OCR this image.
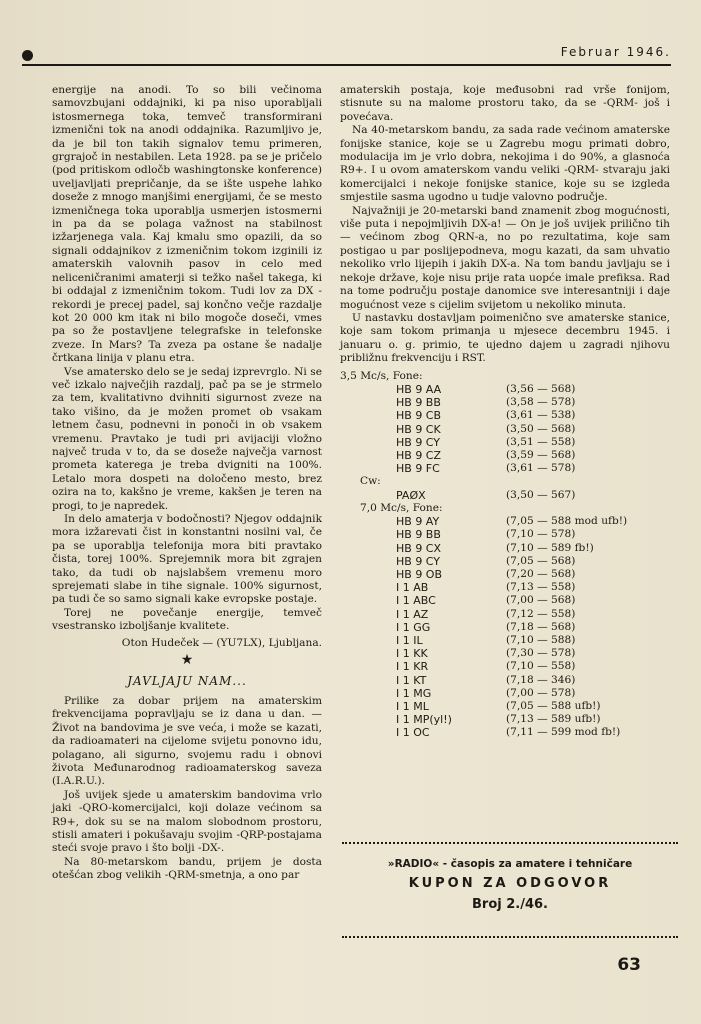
Februar 1946.

energije na anodi. To so bili večinoma samovzbujani oddajniki, ki pa niso uporabljali istosmernega toka, temveč transformirani izmenični tok na anodi oddajnika. Razumljivo je, da je bil ton takih signalov temu primeren, grgrajoč in nestabilen. Leta 1928. pa se je pričelo (pod pritiskom odločb washingtonske konference) uveljavljati prepričanje, da se ište uspehe lahko doseže z mnogo manjšimi energijami, če se mesto izmeničnega toka uporablja usmerjen istosmerni in pa da se polaga važnost na stabilnost izžarjenega vala. Kaj kmalu smo opazili, da so signali oddajnikov z izmeničnim tokom izginili iz amaterskih valovnih pasov in celo med neliceničranimi amaterji si težko našel takega, ki bi oddajal z izmeničnim tokom. Tudi lov za DX - rekordi je precej padel, saj končno večje razdalje kot 20 000 km itak ni bilo mogoče doseči, vmes pa so že postavljene telegrafske in telefonske zveze. In Mars? Ta zveza pa ostane še nadalje črtkana linija v planu etra.

Vse amatersko delo se je sedaj izprevrglo. Ni se več izkalo največjih razdalj, pač pa se je strmelo za tem, kvalitativno dvihniti sigurnost zveze na tako višino, da je možen promet ob vsakam letnem času, podnevni in ponoči in ob vsakem vremenu. Pravtako je tudi pri avijaciji vložno največ truda v to, da se doseže največja varnost prometa katerega je treba dvigniti na 100%. Letalo mora dospeti na določeno mesto, brez ozira na to, kakšno je vreme, kakšen je teren na progi, to je napredek.

In delo amaterja v bodočnosti? Njegov oddajnik mora izžarevati čist in konstantni nosilni val, če pa se uporablja telefonija mora biti pravtako čista, torej 100%. Sprejemnik mora bit zgrajen tako, da tudi ob najslabšem vremenu moro sprejemati slabe in tihe signale. 100% sigurnost, pa tudi če so samo signali kake evropske postaje.

Torej ne povečanje energije, temveč vsestransko izboljšanje kvalitete.

Oton Hudeček — (YU7LX), Ljubljana.

★
JAVLJAJU NAM...

Prilike za dobar prijem na amaterskim frekvencijama popravljaju se iz dana u dan. — Život na bandovima je sve veća, i može se kazati, da radioamateri na cijelome svijetu ponovno idu, polagano, ali sigurno, svojemu radu i obnovi života Međunarodnog radioamaterskog saveza (I.A.R.U.).

Još uvijek sjede u amaterskim bandovima vrlo jaki -QRO-komercijalci, koji dolaze većinom sa R9+, dok su se na malom slobodnom prostoru, stisli amateri i pokušavaju svojim -QRP-postajama steći svoje pravo i što bolji -DX-.

Na 80-metarskom bandu, prijem je dosta otešćan zbog velikih -QRM-smetnja, a ono par

amaterskih postaja, koje međusobni rad vrše fonijom, stisnute su na malome prostoru tako, da se -QRM- još i povećava.

Na 40-metarskom bandu, za sada rade većinom amaterske fonijske stanice, koje se u Zagrebu mogu primati dobro, modulacija im je vrlo dobra, nekojima i do 90%, a glasnoća R9+. I u ovom amaterskom vandu veliki -QRM- stvaraju jaki komercijalci i nekoje fonijske stanice, koje su se izgleda smjestile sasma ugodno u tudje valovno područje.

Najvažniji je 20-metarski band znamenit zbog mogućnosti, više puta i nepojmljivih DX-a! — On je još uvijek prilično tih — većinom zbog QRN-a, no po rezultatima, koje sam postigao u par poslijepodneva, mogu kazati, da sam uhvatio nekoliko vrlo lijepih i jakih DX-a. Na tom bandu javljaju se i nekoje države, koje nisu prije rata uopće imale prefiksa. Rad na tome području postaje danomice sve interesantniji i daje mogućnost veze s cijelim svijetom u nekoliko minuta.

U nastavku dostavljam poimenično sve amaterske stanice, koje sam tokom primanja u mjesece decembru 1945. i januaru o. g. primio, te ujedno dajem u zagradi njihovu približnu frekvenciju i RST.

3,5 Mc/s, Fone:
HB 9 AA	(3,56 — 568)
HB 9 BB	(3,58 — 578)
HB 9 CB	(3,61 — 538)
HB 9 CK	(3,50 — 568)
HB 9 CY	(3,51 — 558)
HB 9 CZ	(3,59 — 568)
HB 9 FC	(3,61 — 578)
Cw:
PAØX	(3,50 — 567)
7,0 Mc/s, Fone:
HB 9 AY	(7,05 — 588 mod ufb!)
HB 9 BB	(7,10 — 578)
HB 9 CX	(7,10 — 589 fb!)
HB 9 CY	(7,05 — 568)
HB 9 OB	(7,20 — 568)
I 1 AB	(7,13 — 558)
I 1 ABC	(7,00 — 568)
I 1 AZ	(7,12 — 558)
I 1 GG	(7,18 — 568)
I 1 IL	(7,10 — 588)
I 1 KK	(7,30 — 578)
I 1 KR	(7,10 — 558)
I 1 KT	(7,18 — 346)
I 1 MG	(7,00 — 578)
I 1 ML	(7,05 — 588 ufb!)
I 1 MP(yl!)	(7,13 — 589 ufb!)
I 1 OC	(7,11 — 599 mod fb!)
»RADIO« - časopis za amatere i tehničare
KUPON ZA ODGOVOR
Broj 2./46.
63
